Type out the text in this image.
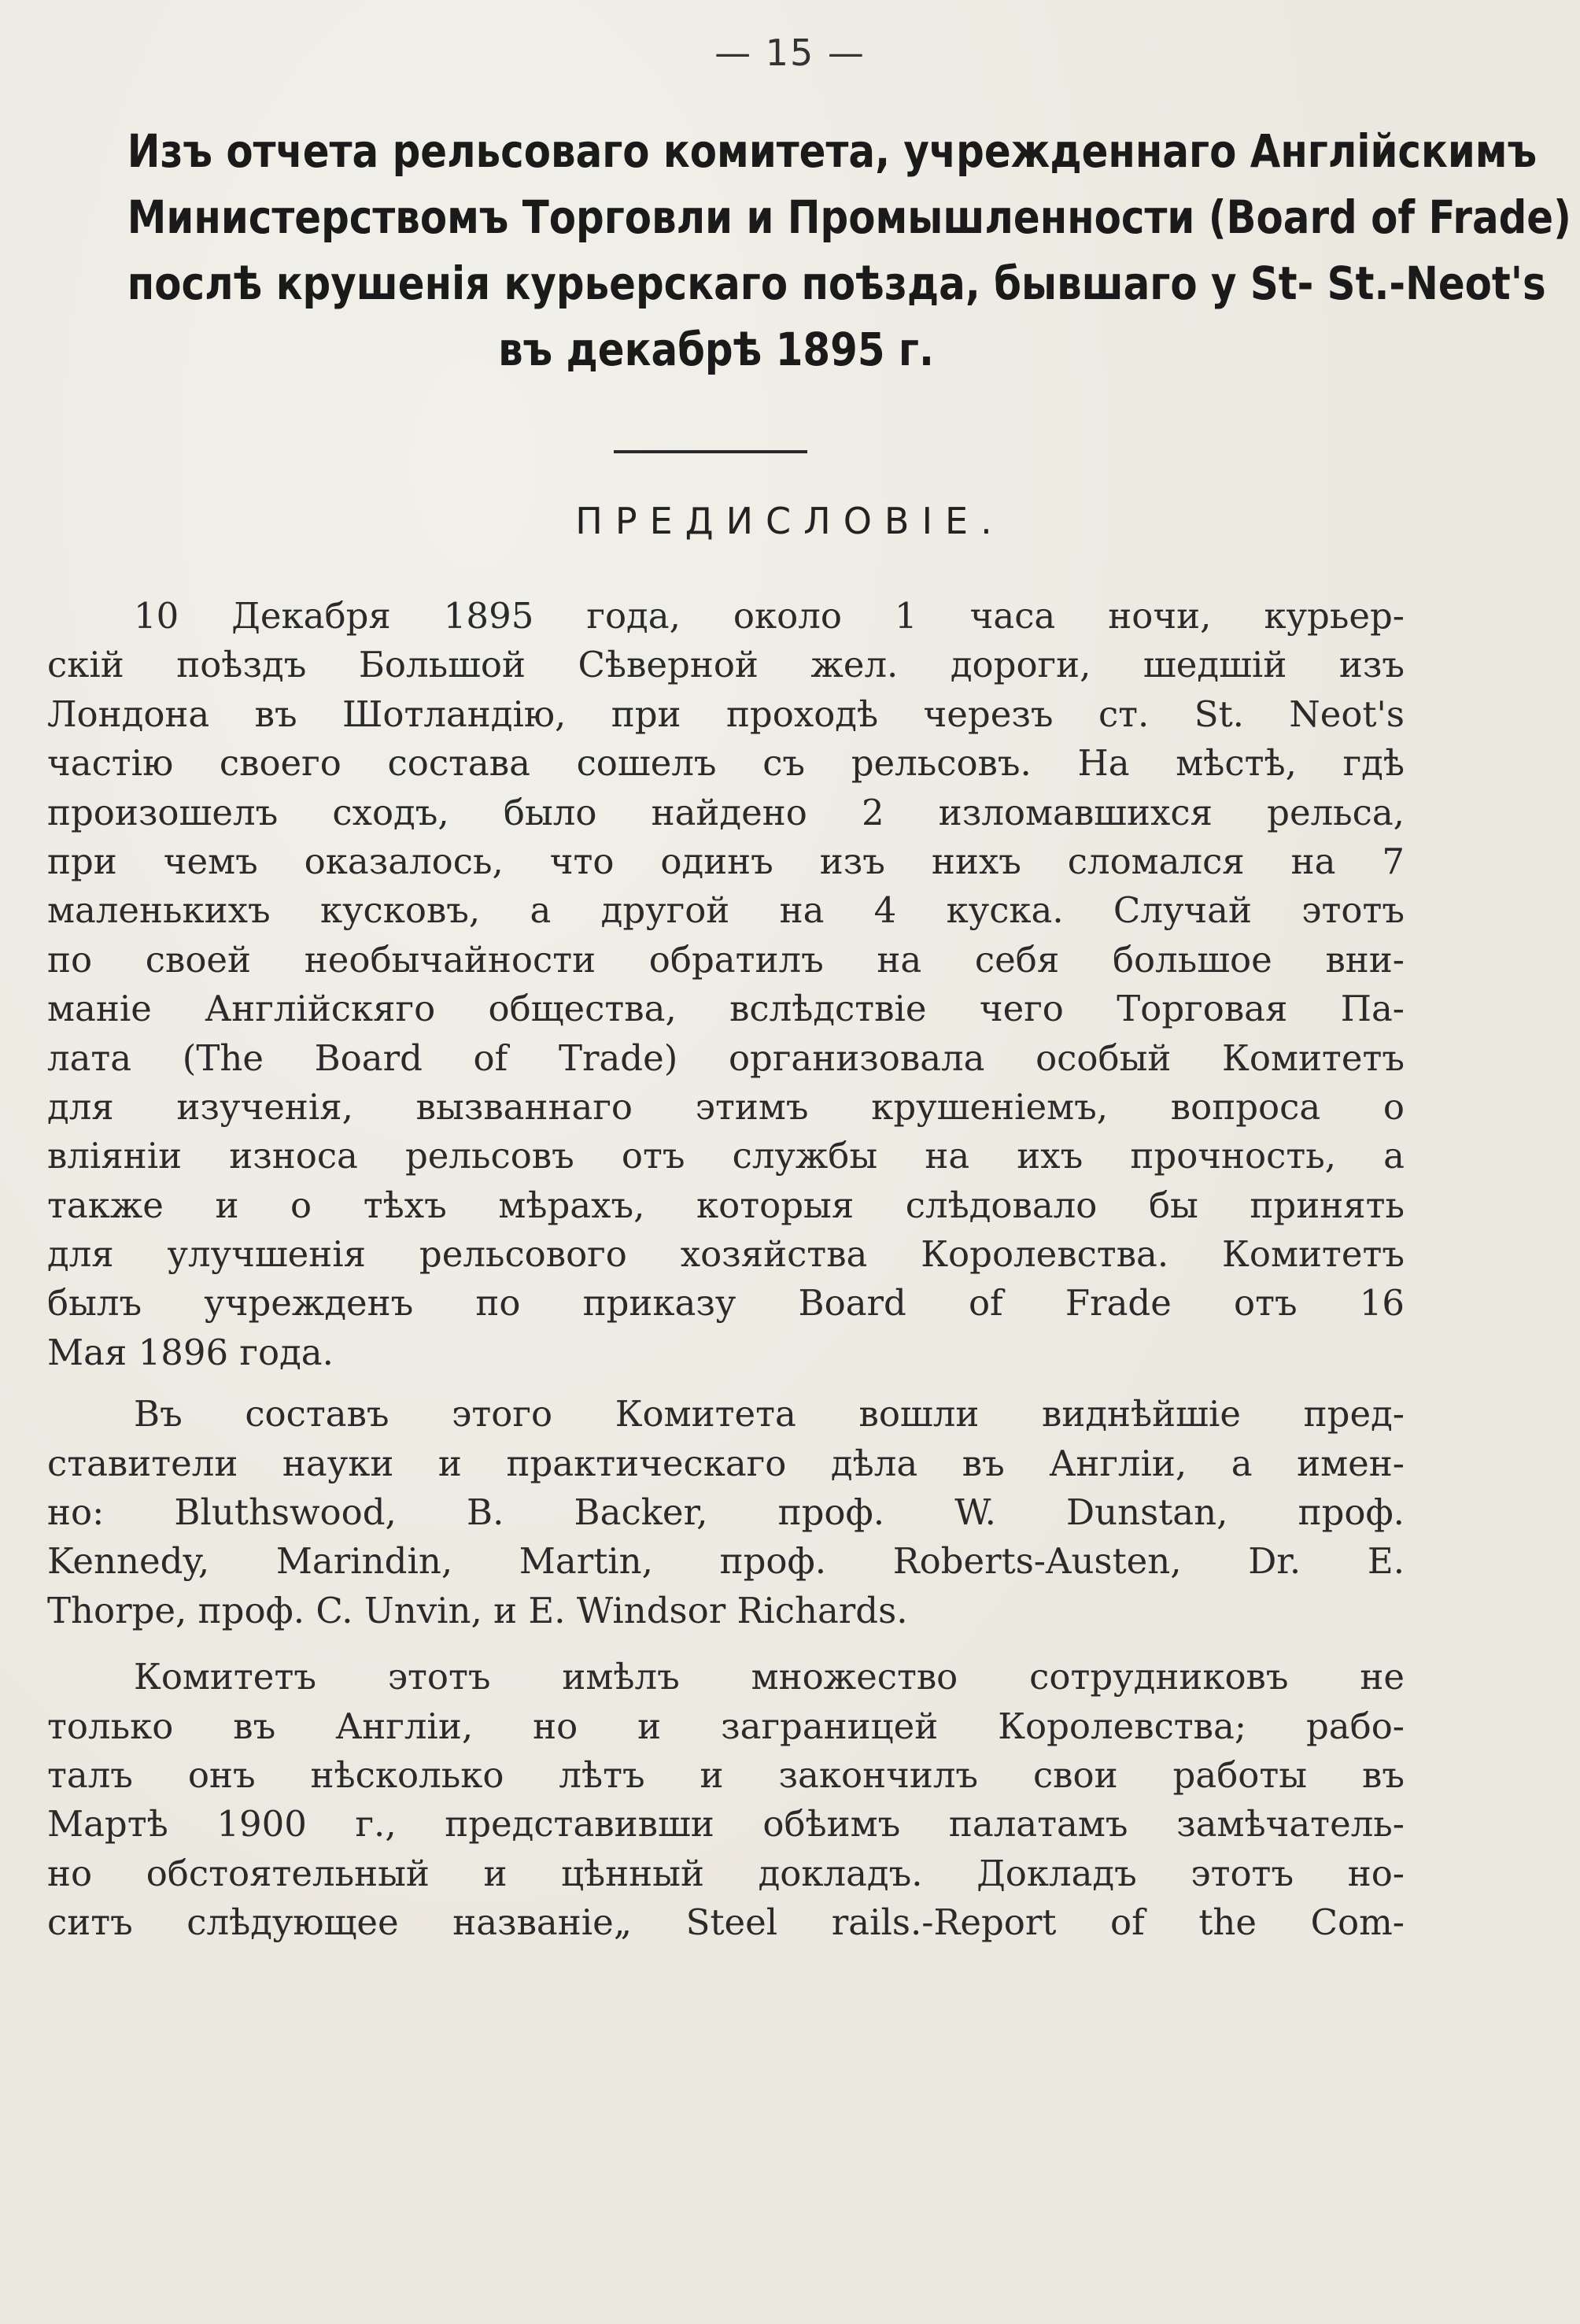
— 15 —
Изъ отчета рельсоваго комитета, учрежденнаго Англійскимъ
Министерствомъ Торговли и Промышленности (Board of Frade)
послѣ крушенія курьерскаго поѣзда, бывшаго у St- St.-Neot's
въ декабрѣ 1895 г.
ПРЕДИСЛОВІЕ.
10 Декабря 1895 года, около 1 часа ночи, курьер-
скій поѣздъ Большой Сѣверной жел. дороги, шедшій изъ
Лондона въ Шотландію, при проходѣ черезъ ст. St. Neot's
частію своего состава сошелъ съ рельсовъ. На мѣстѣ, гдѣ
произошелъ сходъ, было найдено 2 изломавшихся рельса,
при чемъ оказалось, что одинъ изъ нихъ сломался на 7
маленькихъ кусковъ, а другой на 4 куска. Случай этотъ
по своей необычайности обратилъ на себя большое вни-
маніе Англійскяго общества, вслѣдствіе чего Торговая Па-
лата (The Board of Trade) организовала особый Комитетъ
для изученія, вызваннаго этимъ крушеніемъ, вопроса о
вліяніи износа рельсовъ отъ службы на ихъ прочность, а
также и о тѣхъ мѣрахъ, которыя слѣдовало бы принять
для улучшенія рельсового хозяйства Королевства. Комитетъ
былъ учрежденъ по приказу Board of Frade отъ 16
Мая 1896 года.
Въ составъ этого Комитета вошли виднѣйшіе пред-
ставители науки и практическаго дѣла въ Англіи, а имен-
но: Bluthswood, B. Backer, проф. W. Dunstan, проф.
Kennedy, Marindin, Martin, проф. Roberts-Austen, Dr. E.
Thorpe, проф. C. Unvin, и E. Windsor Richards.
Комитетъ этотъ имѣлъ множество сотрудниковъ не
только въ Англіи, но и заграницей Королевства; рабо-
талъ онъ нѣсколько лѣтъ и закончилъ свои работы въ
Мартѣ 1900 г., представивши обѣимъ палатамъ замѣчатель-
но обстоятельный и цѣнный докладъ. Докладъ этотъ но-
ситъ слѣдующее названіе„ Steel rails.-Report of the Com-
